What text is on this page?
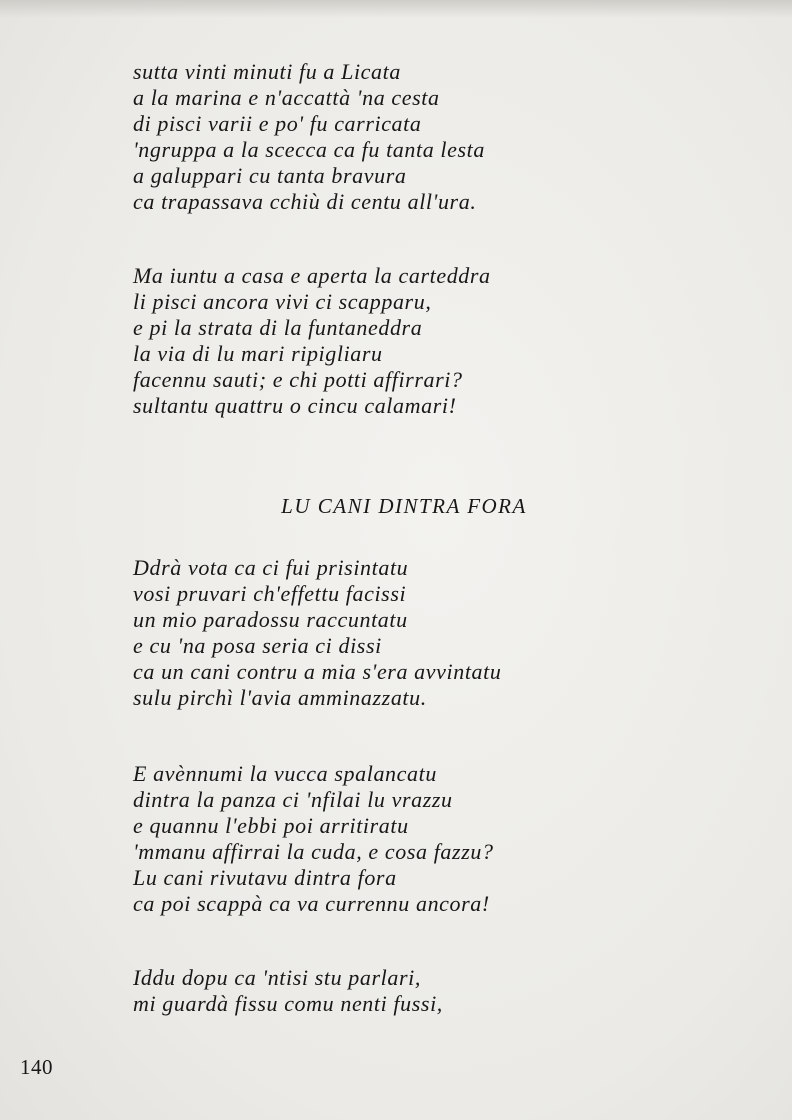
sutta vinti minuti fu a Licata
a la marina e n'accattà 'na cesta
di pisci varii e po' fu carricata
'ngruppa a la scecca ca fu tanta lesta
a galuppari cu tanta bravura
ca trapassava cchiù di centu all'ura.
Ma iuntu a casa e aperta la carteddra
li pisci ancora vivi ci scapparu,
e pi la strata di la funtaneddra
la via di lu mari ripigliaru
facennu sauti; e chi potti affirrari?
sultantu quattru o cincu calamari!
LU CANI DINTRA FORA
Ddrà vota ca ci fui prisintatu
vosi pruvari ch'effettu facissi
un mio paradossu raccuntatu
e cu 'na posa seria ci dissi
ca un cani contru a mia s'era avvintatu
sulu pirchì l'avia amminazzatu.
E avènnumi la vucca spalancatu
dintra la panza ci 'nfilai lu vrazzu
e quannu l'ebbi poi arritiratu
'mmanu affirrai la cuda, e cosa fazzu?
Lu cani rivutavu dintra fora
ca poi scappà ca va currennu ancora!
Iddu dopu ca 'ntisi stu parlari,
mi guardà fissu comu nenti fussi,
140
